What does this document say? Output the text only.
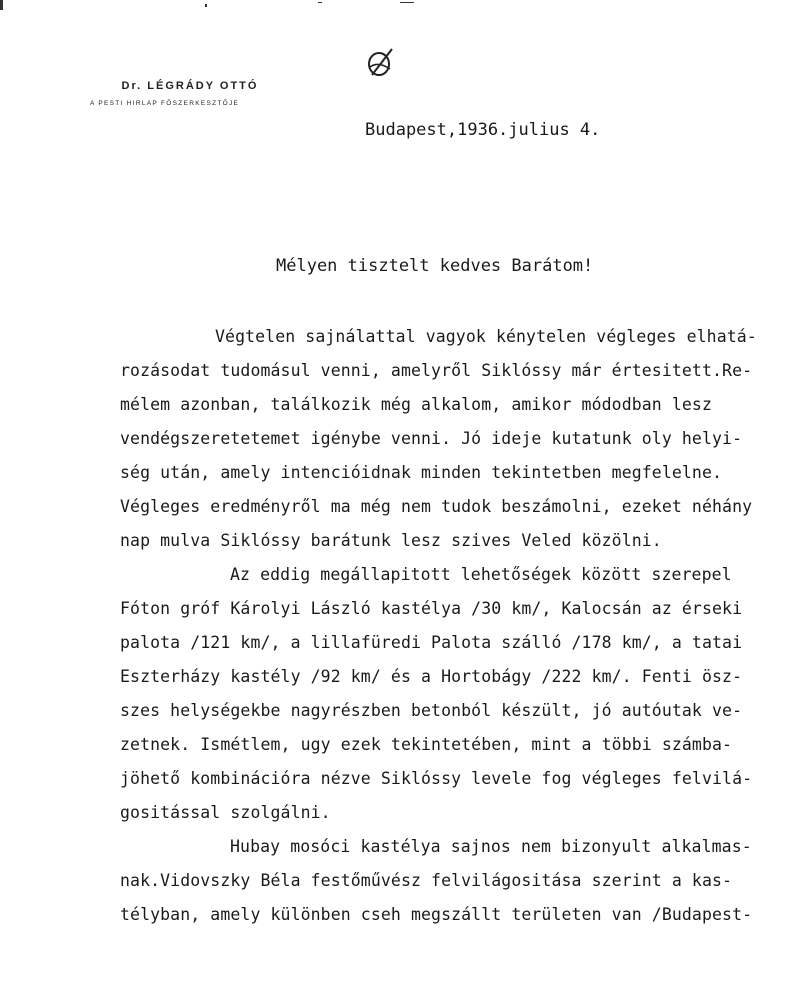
Dr. LÉGRÁDY OTTÓ
A PESTI HIRLAP FŐSZERKESZTŐJE
Budapest,1936.julius 4.
Mélyen tisztelt kedves Barátom!
Végtelen sajnálattal vagyok kénytelen végleges elhatá-
rozásodat tudomásul venni, amelyről Siklóssy már értesitett.Re-
mélem azonban, találkozik még alkalom, amikor módodban lesz
vendégszeretetemet igénybe venni. Jó ideje kutatunk oly helyi-
ség után, amely intencióidnak minden tekintetben megfelelne.
Végleges eredményről ma még nem tudok beszámolni, ezeket néhány
nap mulva Siklóssy barátunk lesz szives Veled közölni.
Az eddig megállapitott lehetőségek között szerepel
Fóton gróf Károlyi László kastélya /30 km/, Kalocsán az érseki
palota /121 km/, a lillafüredi Palota szálló /178 km/, a tatai
Eszterházy kastély /92 km/ és a Hortobágy /222 km/. Fenti ösz-
szes helységekbe nagyrészben betonból készült, jó autóutak ve-
zetnek. Ismétlem, ugy ezek tekintetében, mint a többi számba-
jöhető kombinációra nézve Siklóssy levele fog végleges felvilá-
gositással szolgálni.
Hubay mosóci kastélya sajnos nem bizonyult alkalmas-
nak.Vidovszky Béla festőművész felvilágositása szerint a kas-
télyban, amely különben cseh megszállt területen van /Budapest-
